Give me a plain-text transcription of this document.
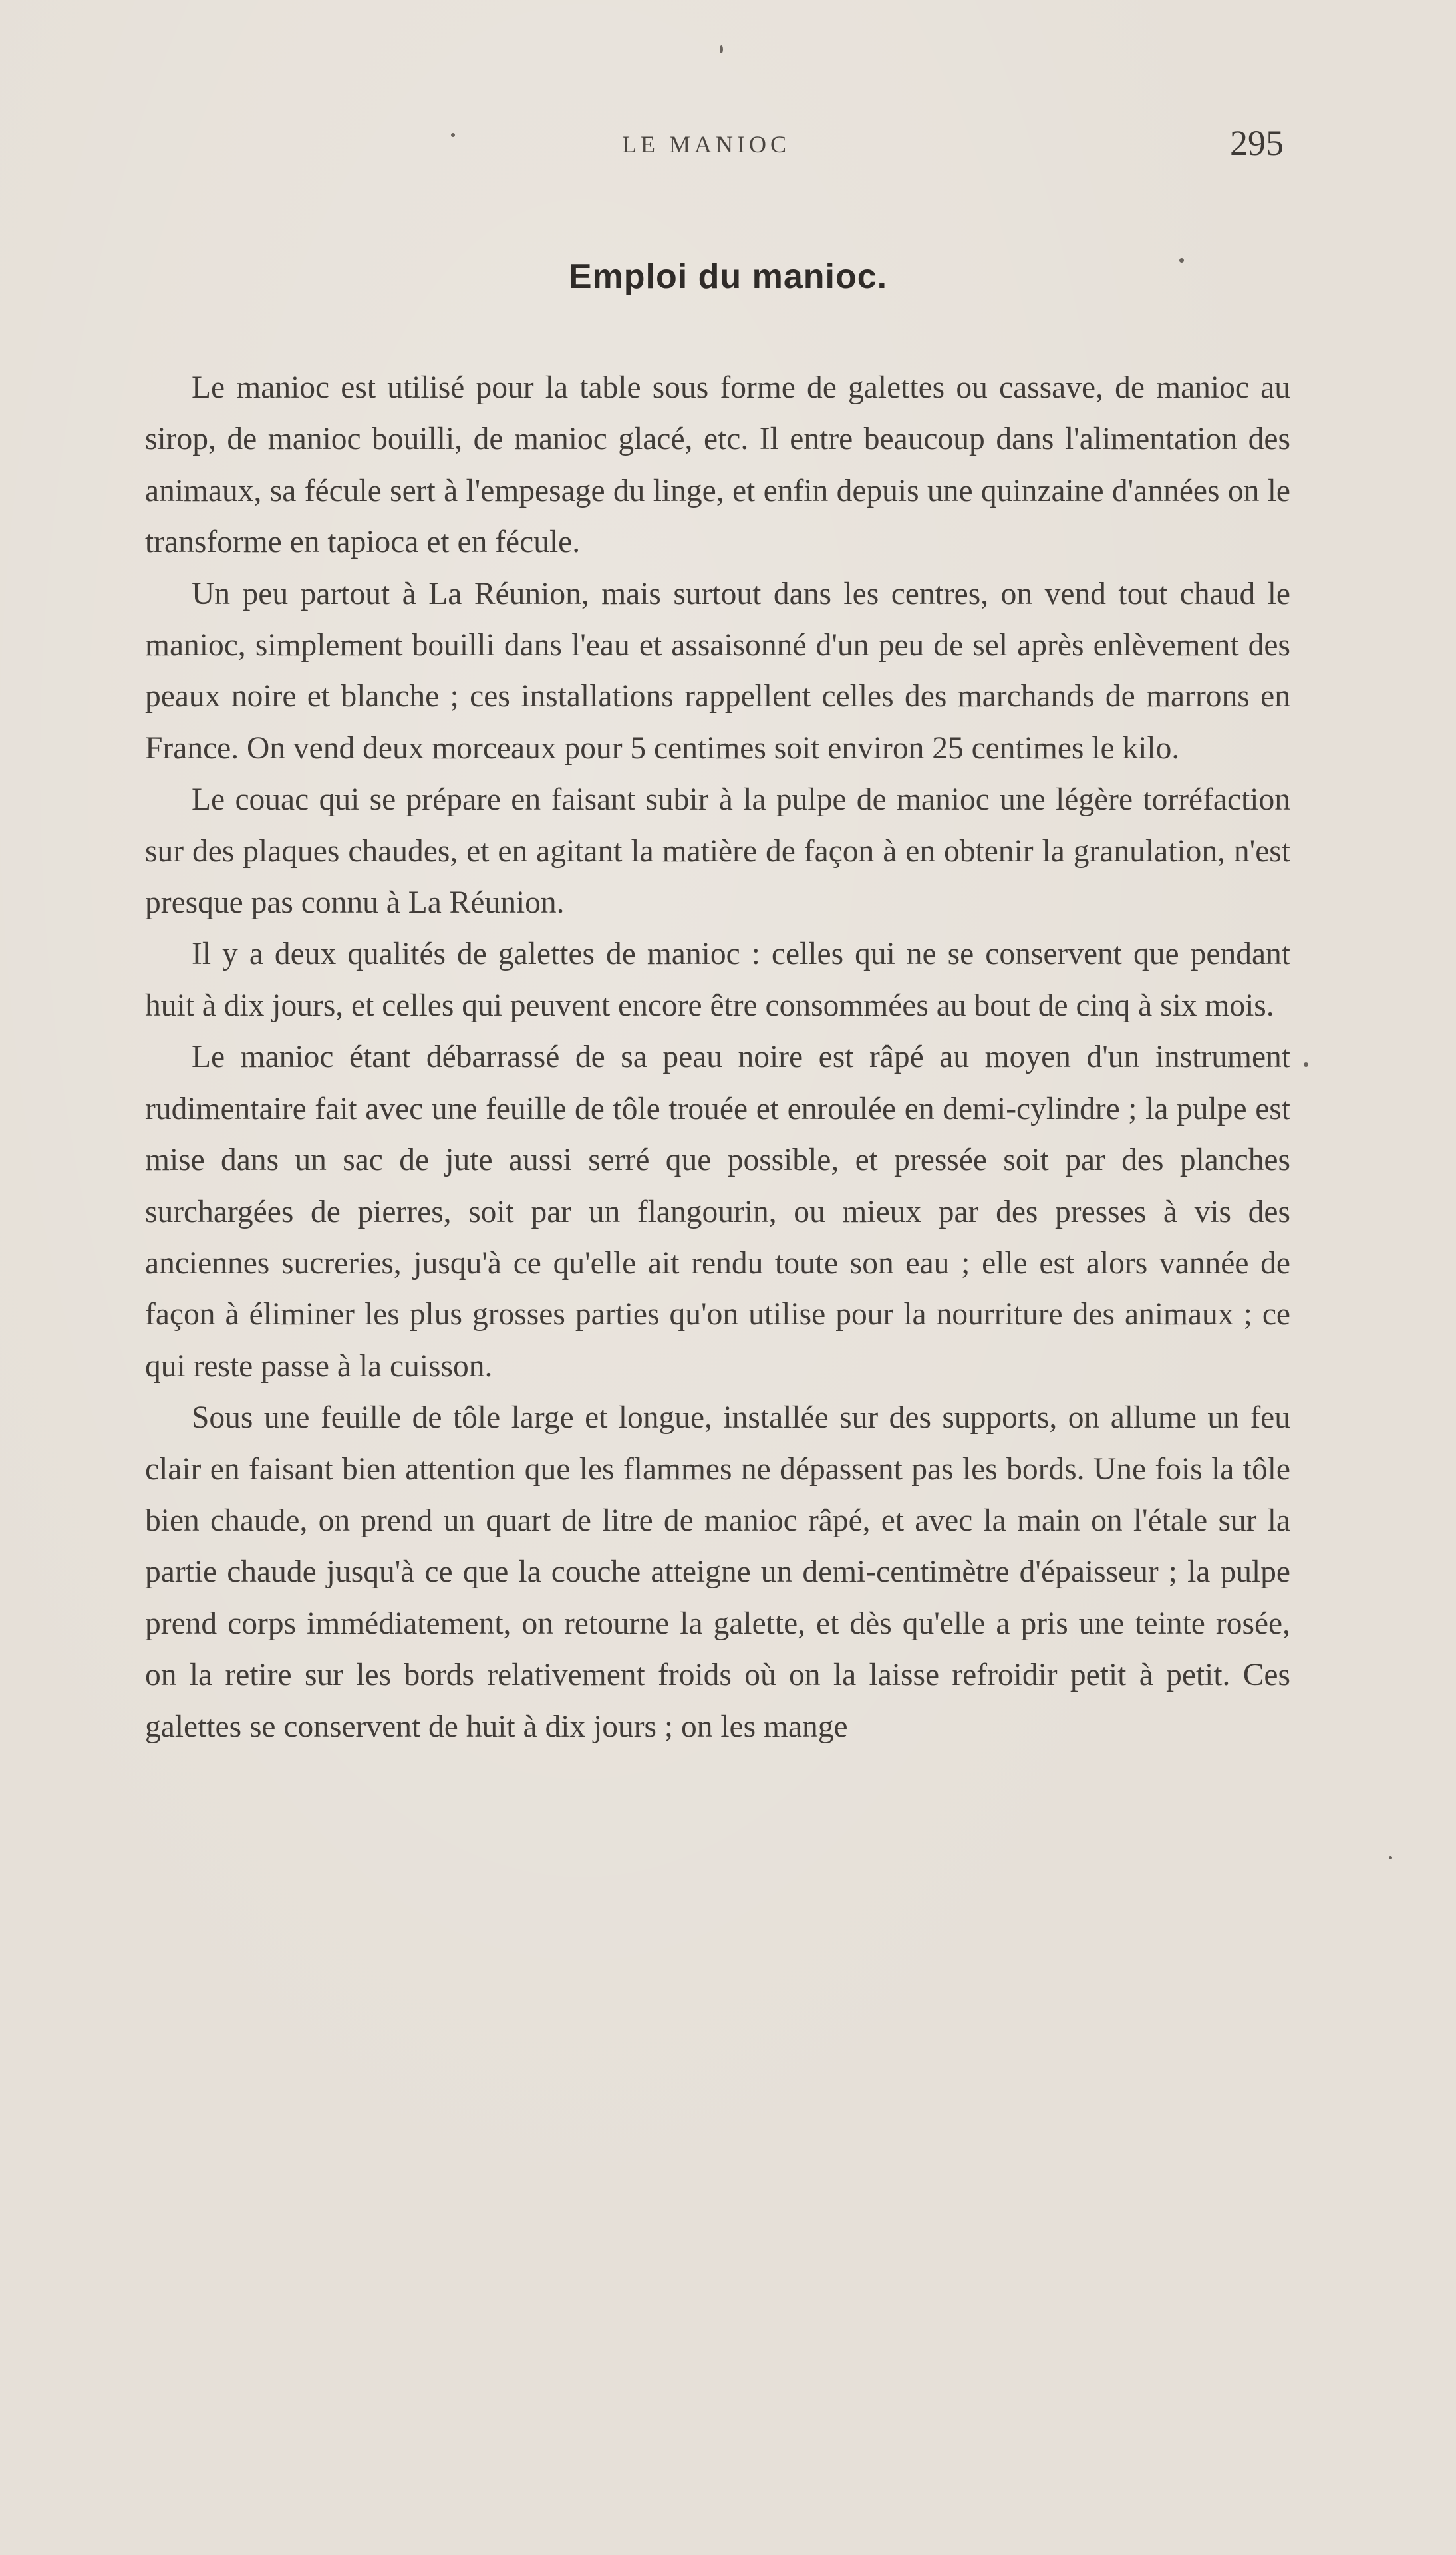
LE MANIOC	295
Emploi du manioc.

Le manioc est utilisé pour la table sous forme de galettes ou cassave, de manioc au sirop, de manioc bouilli, de manioc glacé, etc. Il entre beaucoup dans l'alimentation des animaux, sa fécule sert à l'empesage du linge, et enfin depuis une quinzaine d'années on le transforme en tapioca et en fécule.

Un peu partout à La Réunion, mais surtout dans les centres, on vend tout chaud le manioc, simplement bouilli dans l'eau et assaisonné d'un peu de sel après enlèvement des peaux noire et blanche ; ces installations rappellent celles des marchands de marrons en France. On vend deux morceaux pour 5 centimes soit environ 25 centimes le kilo.

Le couac qui se prépare en faisant subir à la pulpe de manioc une légère torréfaction sur des plaques chaudes, et en agitant la matière de façon à en obtenir la granulation, n'est presque pas connu à La Réunion.

Il y a deux qualités de galettes de manioc : celles qui ne se conservent que pendant huit à dix jours, et celles qui peuvent encore être consommées au bout de cinq à six mois.

Le manioc étant débarrassé de sa peau noire est râpé au moyen d'un instrument rudimentaire fait avec une feuille de tôle trouée et enroulée en demi-cylindre ; la pulpe est mise dans un sac de jute aussi serré que possible, et pressée soit par des planches surchargées de pierres, soit par un flangourin, ou mieux par des presses à vis des anciennes sucreries, jusqu'à ce qu'elle ait rendu toute son eau ; elle est alors vannée de façon à éliminer les plus grosses parties qu'on utilise pour la nourriture des animaux ; ce qui reste passe à la cuisson.

Sous une feuille de tôle large et longue, installée sur des supports, on allume un feu clair en faisant bien attention que les flammes ne dépassent pas les bords. Une fois la tôle bien chaude, on prend un quart de litre de manioc râpé, et avec la main on l'étale sur la partie chaude jusqu'à ce que la couche atteigne un demi-centimètre d'épaisseur ; la pulpe prend corps immédiatement, on retourne la galette, et dès qu'elle a pris une teinte rosée, on la retire sur les bords relativement froids où on la laisse refroidir petit à petit. Ces galettes se conservent de huit à dix jours ; on les mange
